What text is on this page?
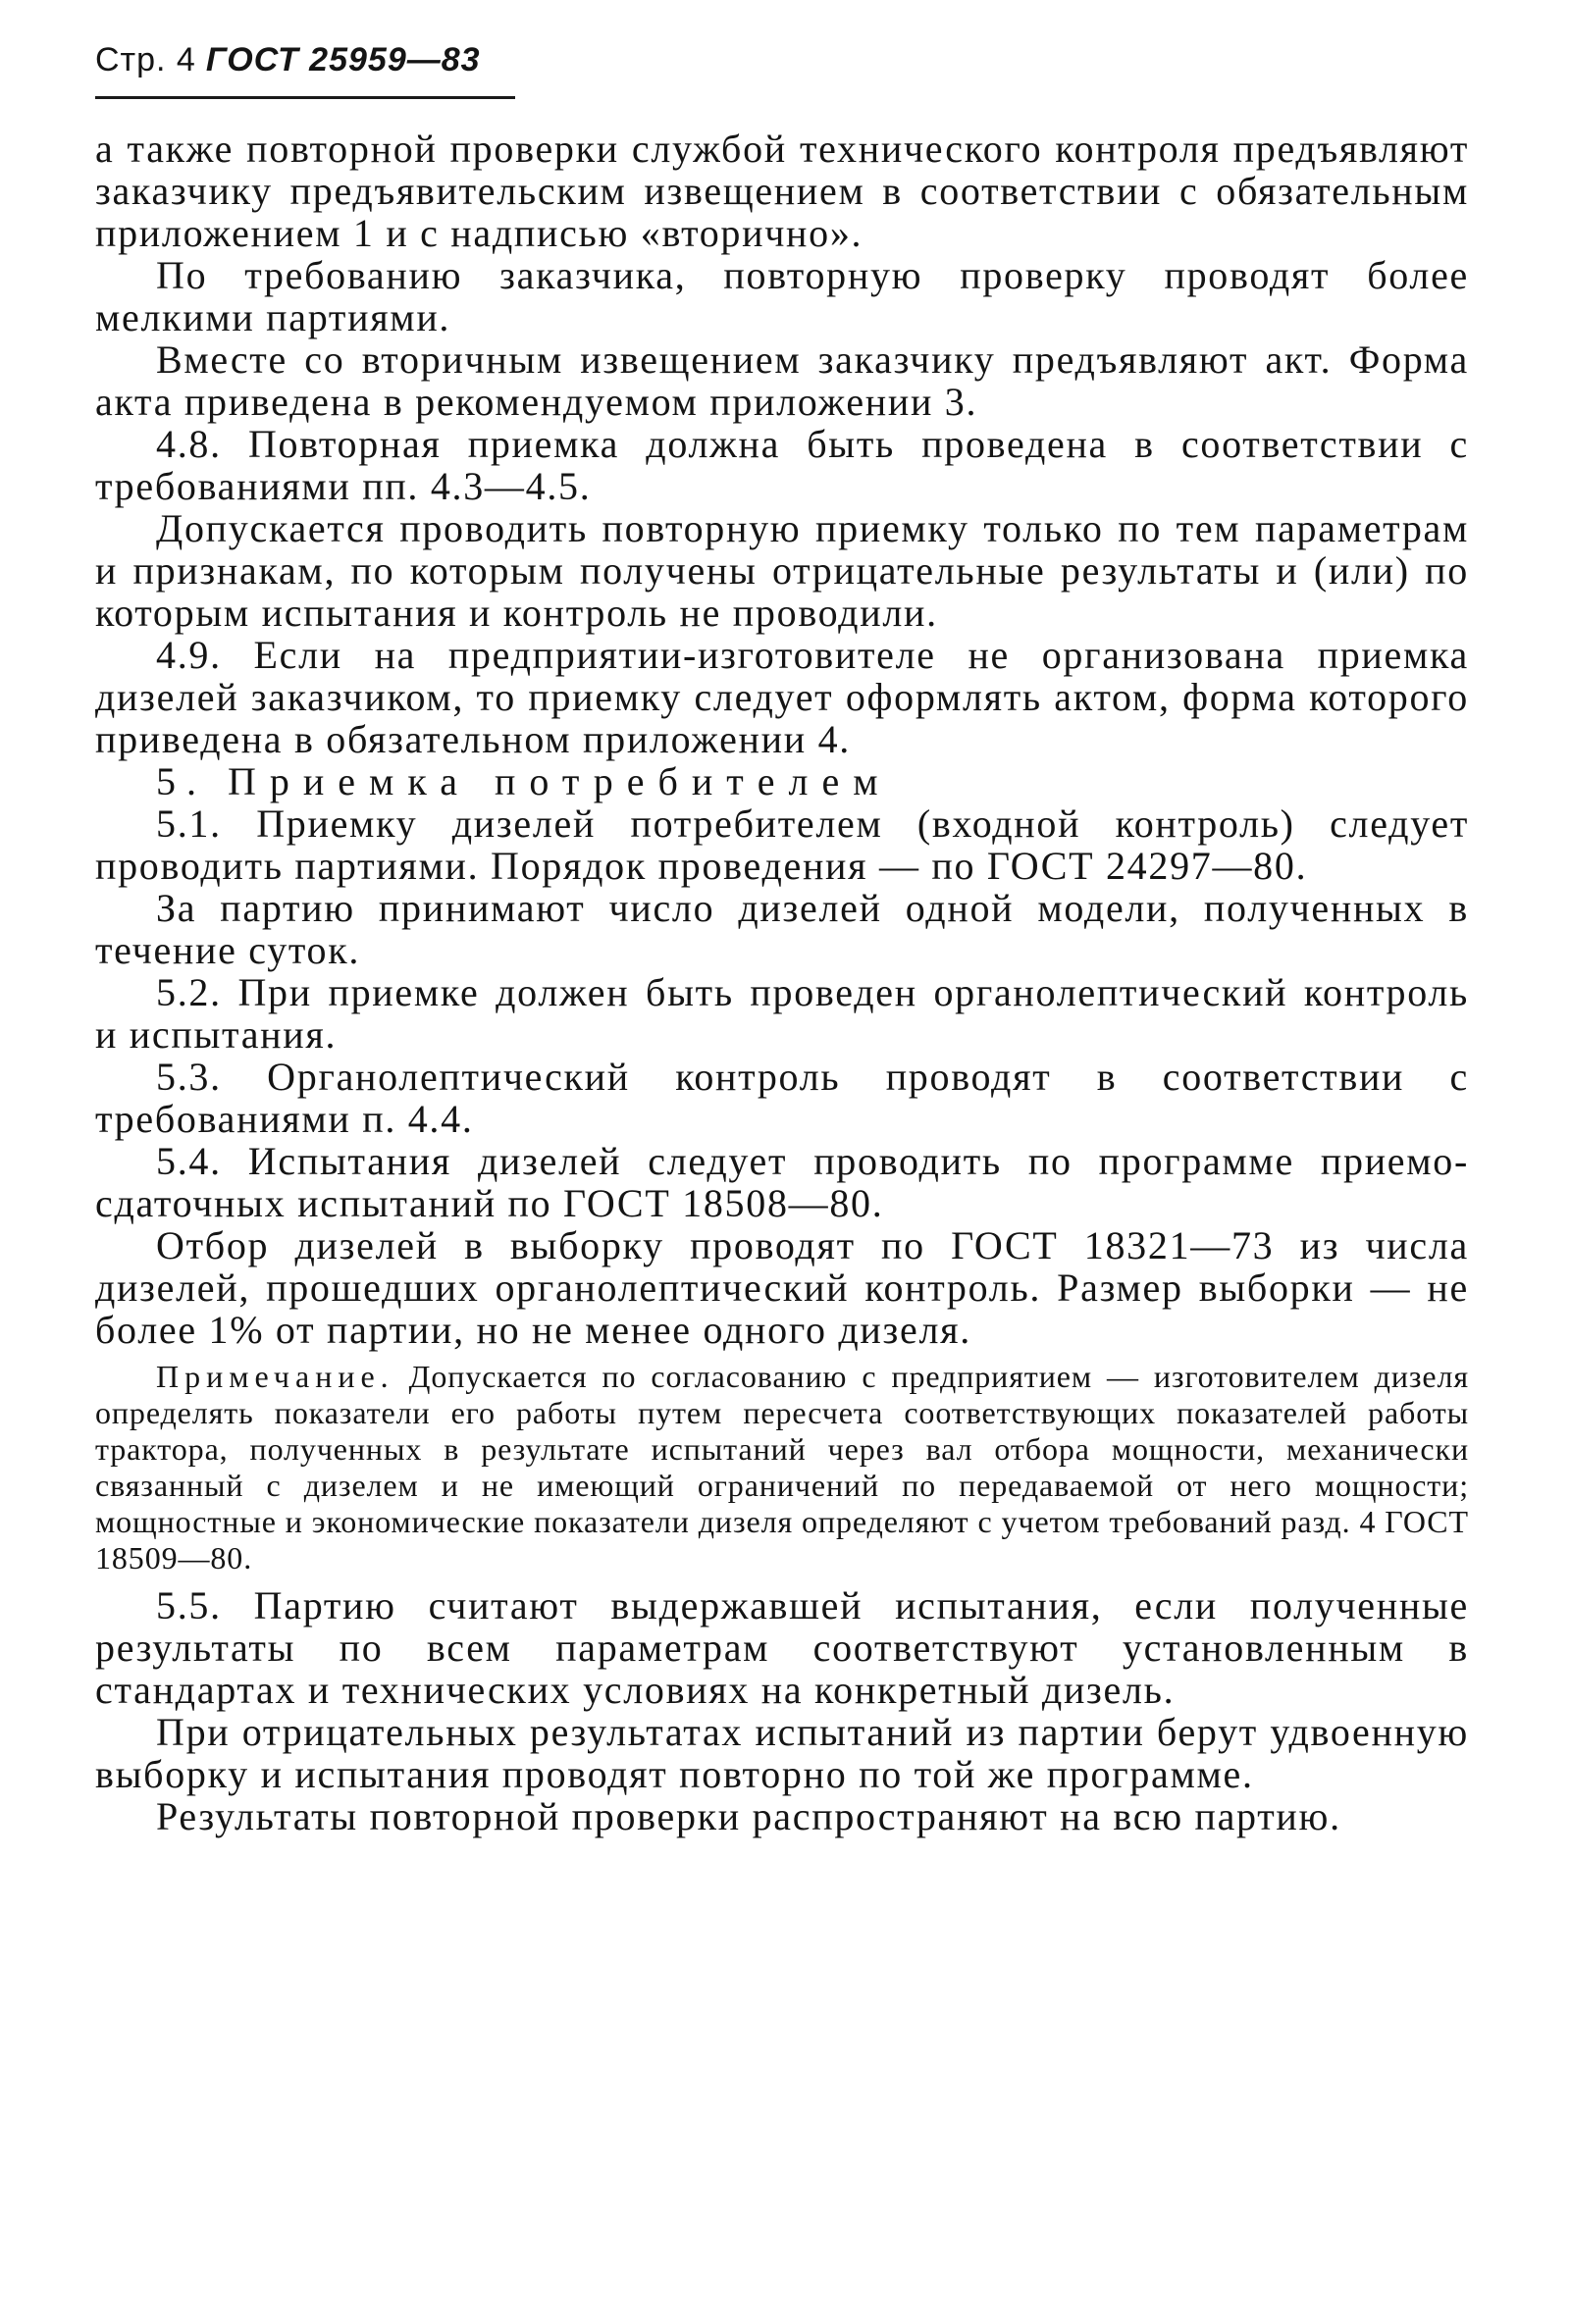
Стр. 4 ГОСТ 25959—83

а также повторной проверки службой технического контроля предъявляют заказчику предъявительским извещением в соответствии с обязательным приложением 1 и с надписью «вторично».

По требованию заказчика, повторную проверку проводят более мелкими партиями.

Вместе со вторичным извещением заказчику предъявляют акт. Форма акта приведена в рекомендуемом приложении 3.

4.8. Повторная приемка должна быть проведена в соответствии с требованиями пп. 4.3—4.5.

Допускается проводить повторную приемку только по тем параметрам и признакам, по которым получены отрицательные результаты и (или) по которым испытания и контроль не проводили.

4.9. Если на предприятии-изготовителе не организована приемка дизелей заказчиком, то приемку следует оформлять актом, форма которого приведена в обязательном приложении 4.

5. Приемка потребителем

5.1. Приемку дизелей потребителем (входной контроль) следует проводить партиями. Порядок проведения — по ГОСТ 24297—80.

За партию принимают число дизелей одной модели, полученных в течение суток.

5.2. При приемке должен быть проведен органолептический контроль и испытания.

5.3. Органолептический контроль проводят в соответствии с требованиями п. 4.4.

5.4. Испытания дизелей следует проводить по программе приемо-сдаточных испытаний по ГОСТ 18508—80.

Отбор дизелей в выборку проводят по ГОСТ 18321—73 из числа дизелей, прошедших органолептический контроль. Размер выборки — не более 1% от партии, но не менее одного дизеля.

Примечание. Допускается по согласованию с предприятием — изготовителем дизеля определять показатели его работы путем пересчета соответствующих показателей работы трактора, полученных в результате испытаний через вал отбора мощности, механически связанный с дизелем и не имеющий ограничений по передаваемой от него мощности; мощностные и экономические показатели дизеля определяют с учетом требований разд. 4 ГОСТ 18509—80.

5.5. Партию считают выдержавшей испытания, если полученные результаты по всем параметрам соответствуют установленным в стандартах и технических условиях на конкретный дизель.

При отрицательных результатах испытаний из партии берут удвоенную выборку и испытания проводят повторно по той же программе.

Результаты повторной проверки распространяют на всю партию.
